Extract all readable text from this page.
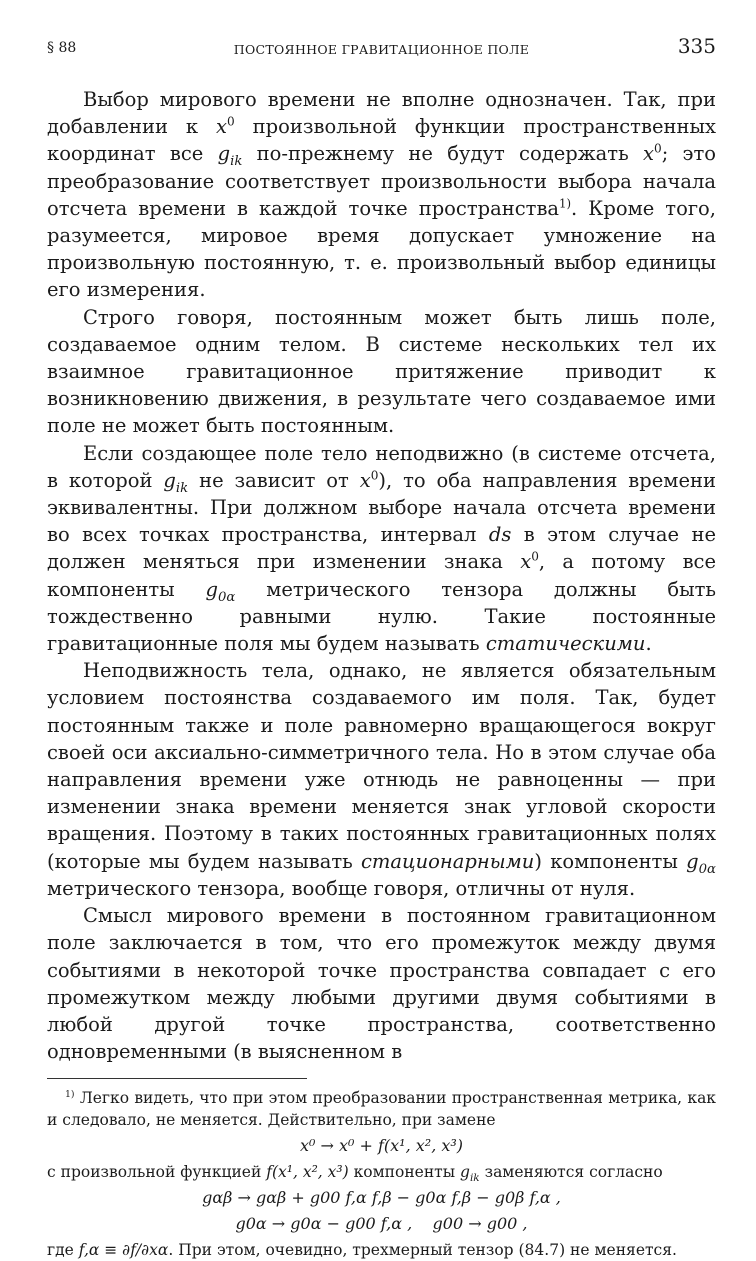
§ 88	ПОСТОЯННОЕ ГРАВИТАЦИОННОЕ ПОЛЕ	335

Выбор мирового времени не вполне однозначен. Так, при добавлении к $x^0$ произвольной функции пространственных координат все $g_{ik}$ по-прежнему не будут содержать $x^0$; это преобразование соответствует произвольности выбора начала отсчета времени в каждой точке пространства$^{1)}$. Кроме того, разумеется, мировое время допускает умножение на произвольную постоянную, т. е. произвольный выбор единицы его измерения.

Строго говоря, постоянным может быть лишь поле, создаваемое одним телом. В системе нескольких тел их взаимное гравитационное притяжение приводит к возникновению движения, в результате чего создаваемое ими поле не может быть постоянным.

Если создающее поле тело неподвижно (в системе отсчета, в которой $g_{ik}$ не зависит от $x^0$), то оба направления времени эквивалентны. При должном выборе начала отсчета времени во всех точках пространства, интервал ds в этом случае не должен меняться при изменении знака $x^0$, а потому все компоненты $g_{0\alpha}$ метрического тензора должны быть тождественно равными нулю. Такие постоянные гравитационные поля мы будем называть статическими.

Неподвижность тела, однако, не является обязательным условием постоянства создаваемого им поля. Так, будет постоянным также и поле равномерно вращающегося вокруг своей оси аксиально-симметричного тела. Но в этом случае оба направления времени уже отнюдь не равноценны — при изменении знака времени меняется знак угловой скорости вращения. Поэтому в таких постоянных гравитационных полях (которые мы будем называть стационарными) компоненты $g_{0\alpha}$ метрического тензора, вообще говоря, отличны от нуля.

Смысл мирового времени в постоянном гравитационном поле заключается в том, что его промежуток между двумя событиями в некоторой точке пространства совпадает с его промежутком между любыми другими двумя событиями в любой другой точке пространства, соответственно одновременными (в выясненном в

$^{1)}$ Легко видеть, что при этом преобразовании пространственная метрика, как и следовало, не меняется. Действительно, при замене

x⁰ → x⁰ + f(x¹, x², x³)

с произвольной функцией f(x¹, x², x³) компоненты $g_{ik}$ заменяются согласно

gαβ → gαβ + g00 f,α f,β − g0α f,β − g0β f,α ,
g0α → g0α − g00 f,α , g00 → g00 ,

где f,α ≡ ∂f/∂xα. При этом, очевидно, трехмерный тензор (84.7) не меняется.
